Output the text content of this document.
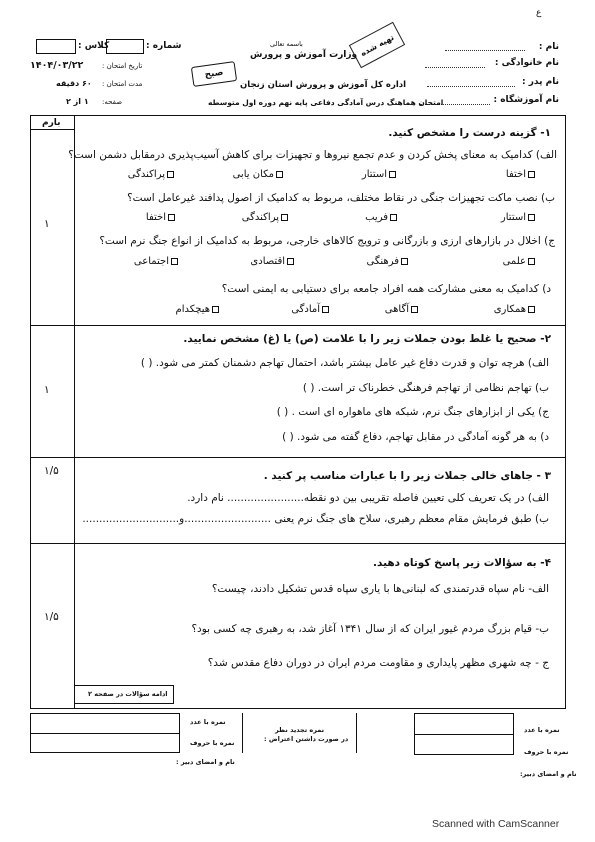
ع
نام :
نام خانوادگی :
نام پدر :
نام آموزشگاه :
تهیه شده
باسمه تعالی
وزارت آموزش و پرورش
صبح
اداره کل آموزش و پرورش استان زنجان
امتحان هماهنگ درس آمادگی دفاعی پایه نهم دوره اول متوسطه
کلاس :	شماره :
۱۴۰۴/۰۳/۲۲	تاریخ امتحان :
۶۰ دقیقه مدت امتحان :
۱ از ۲ صفحه:
بارم
۱
۱- گزینه درست را مشخص کنید.
الف) کدامیک به معنای پخش کردن و عدم تجمع نیروها و تجهیزات برای کاهش آسیب‌پذیری درمقابل دشمن است؟
اختفا
استتار
مکان یابی
پراکندگی
ب) نصب ماکت تجهیزات جنگی در نقاط مختلف، مربوط به کدامیک از اصول پدافند غیرعامل است؟
استتار
فریب
پراکندگی
اختفا
ج) اخلال در بازارهای ارزی و بازرگانی و ترویج کالاهای خارجی، مربوط به کدامیک از انواع جنگ نرم است؟
علمی
فرهنگی
اقتصادی
اجتماعی
د) کدامیک به معنی مشارکت همه افراد جامعه برای دستیابی به ایمنی است؟
همکاری
آگاهی
آمادگی
هیچکدام
۱
۲- صحیح یا غلط بودن جملات زیر را با علامت (ص) یا (غ) مشخص نمایید.
الف) هرچه توان و قدرت دفاع غیر عامل بیشتر باشد، احتمال تهاجم دشمنان کمتر می شود. ( )
ب) تهاجم نظامی از تهاجم فرهنگی خطرناک تر است. ( )
ج) یکی از ابزارهای جنگ نرم، شبکه های ماهواره ای است . ( )
د) به هر گونه آمادگی در مقابل تهاجم، دفاع گفته می شود. ( )
۱/۵	۳ - جاهای خالی جملات زیر را با عبارات مناسب پر کنید .
الف) در یک تعریف کلی تعیین فاصله تقریبی بین دو نقطه....................... نام دارد.
ب) طبق فرمایش مقام معظم رهبری، سلاح های جنگ نرم یعنی ..........................و.............................
۱/۵
۴- به سؤالات زیر پاسخ کوتاه دهید.
الف- نام سپاه قدرتمندی که لبنانی‌ها با یاری سپاه قدس تشکیل دادند، چیست؟
ب- قیام بزرگ مردم غیور ایران که از سال ۱۳۴۱ آغاز شد، به رهبری چه کسی بود؟
ج - چه شهری مظهر پایداری و مقاومت مردم ایران در دوران دفاع مقدس شد؟
ادامه سؤالات در صفحه ۲
نمره با عدد
نمره با حروف
نام و امضای دبیر :
نمره تجدید نظر
در صورت داشتن اعتراض :
نمره با عدد
نمره با حروف
نام و امضای دبیر:
Scanned with CamScanner
